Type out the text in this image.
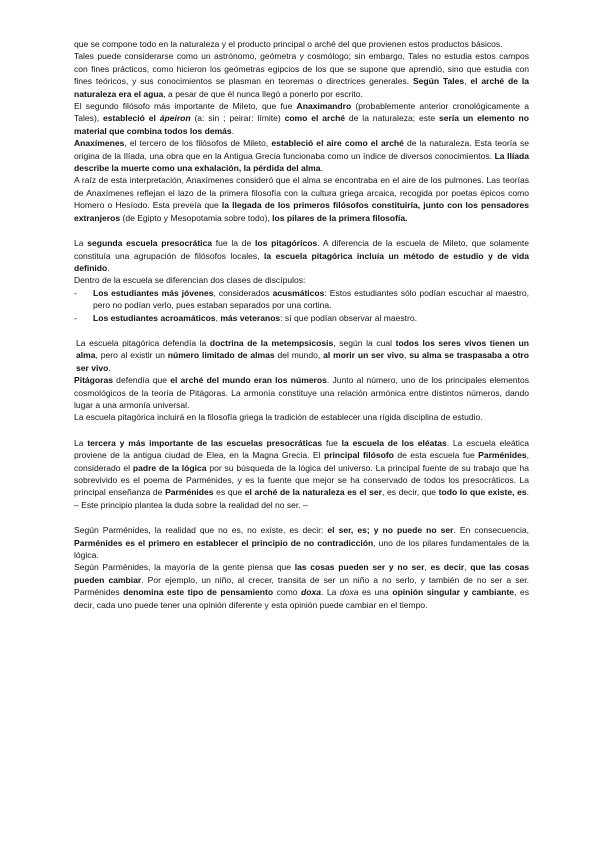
que se compone todo en la naturaleza y el producto principal o arché del que provienen estos productos básicos.

Tales puede considerarse como un astrónomo, geómetra y cosmólogo; sin embargo, Tales no estudia estos campos con fines prácticos, como hicieron los geómetras egipcios de los que se supone que aprendió, sino que estudia con fines teóricos, y sus conocimientos se plasman en teoremas o directrices generales. Según Tales, el arché de la naturaleza era el agua, a pesar de que él nunca llegó a ponerlo por escrito.

El segundo filósofo más importante de Mileto, que fue Anaximandro (probablemente anterior cronológicamente a Tales), estableció el ápeiron (a: sin ; peirar: límite) como el arché de la naturaleza; este sería un elemento no material que combina todos los demás.

Anaxímenes, el tercero de los filósofos de Mileto, estableció el aire como el arché de la naturaleza. Esta teoría se origina de la Ilíada, una obra que en la Antigua Grecia funcionaba como un índice de diversos conocimientos. La Ilíada describe la muerte como una exhalación, la pérdida del alma.

A raíz de esta interpretación, Anaxímenes consideró que el alma se encontraba en el aire de los pulmones. Las teorías de Anaxímenes reflejan el lazo de la primera filosofía con la cultura griega arcaica, recogida por poetas épicos como Homero o Hesíodo. Esta preveía que la llegada de los primeros filósofos constituiría, junto con los pensadores extranjeros (de Egipto y Mesopotamia sobre todo), los pilares de la primera filosofía.

La segunda escuela presocrática fue la de los pitagóricos. A diferencia de la escuela de Mileto, que solamente constituía una agrupación de filósofos locales, la escuela pitagórica incluía un método de estudio y de vida definido.

Dentro de la escuela se diferencian dos clases de discípulos:

- Los estudiantes más jóvenes, considerados acusmáticos: Estos estudiantes sólo podían escuchar al maestro, pero no podían verlo, pues estaban separados por una cortina.
- Los estudiantes acroamáticos, más veteranos: sí que podían observar al maestro.

La escuela pitagórica defendía la doctrina de la metempsicosis, según la cual todos los seres vivos tienen un alma, pero al existir un número limitado de almas del mundo, al morir un ser vivo, su alma se traspasaba a otro ser vivo.

Pitágoras defendía que el arché del mundo eran los números. Junto al número, uno de los principales elementos cosmológicos de la teoría de Pitágoras. La armonía constituye una relación armónica entre distintos números, dando lugar a una armonía universal.

La escuela pitagórica incluirá en la filosofía griega la tradición de establecer una rígida disciplina de estudio.

La tercera y más importante de las escuelas presocráticas fue la escuela de los eléatas. La escuela eleática proviene de la antigua ciudad de Elea, en la Magna Grecia. El principal filósofo de esta escuela fue Parménides, considerado el padre de la lógica por su búsqueda de la lógica del universo. La principal fuente de su trabajo que ha sobrevivido es el poema de Parménides, y es la fuente que mejor se ha conservado de todos los presocráticos. La principal enseñanza de Parménides es que el arché de la naturaleza es el ser, es decir, que todo lo que existe, es. – Este principio plantea la duda sobre la realidad del no ser. –

Según Parménides, la realidad que no es, no existe, es decir: el ser, es; y no puede no ser. En consecuencia, Parménides es el primero en establecer el principio de no contradicción, uno de los pilares fundamentales de la lógica.

Según Parménides, la mayoría de la gente piensa que las cosas pueden ser y no ser, es decir, que las cosas pueden cambiar. Por ejemplo, un niño, al crecer, transita de ser un niño a no serlo, y también de no ser a ser. Parménides denomina este tipo de pensamiento como doxa. La doxa es una opinión singular y cambiante, es decir, cada uno puede tener una opinión diferente y esta opinión puede cambiar en el tiempo.
